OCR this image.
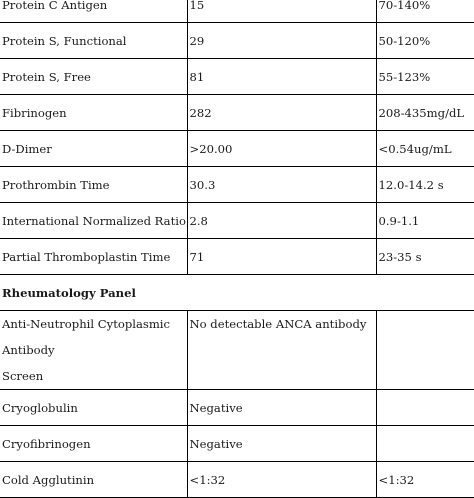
Protein C Antigen	15	70-140%
Protein S, Functional	29	50-120%
Protein S, Free	81	55-123%
Fibrinogen	282	208-435mg/dL
D-Dimer	>20.00	<0.54ug/mL
Prothrombin Time	30.3	12.0-14.2 s
International Normalized Ratio	2.8	0.9-1.1
Partial Thromboplastin Time	71	23-35 s
Rheumatology Panel		

Anti-Neutrophil Cytoplasmic Antibody
Screen	No detectable ANCA antibody	
Cryoglobulin	Negative	
Cryofibrinogen	Negative	
Cold Agglutinin	<1:32	<1:32
